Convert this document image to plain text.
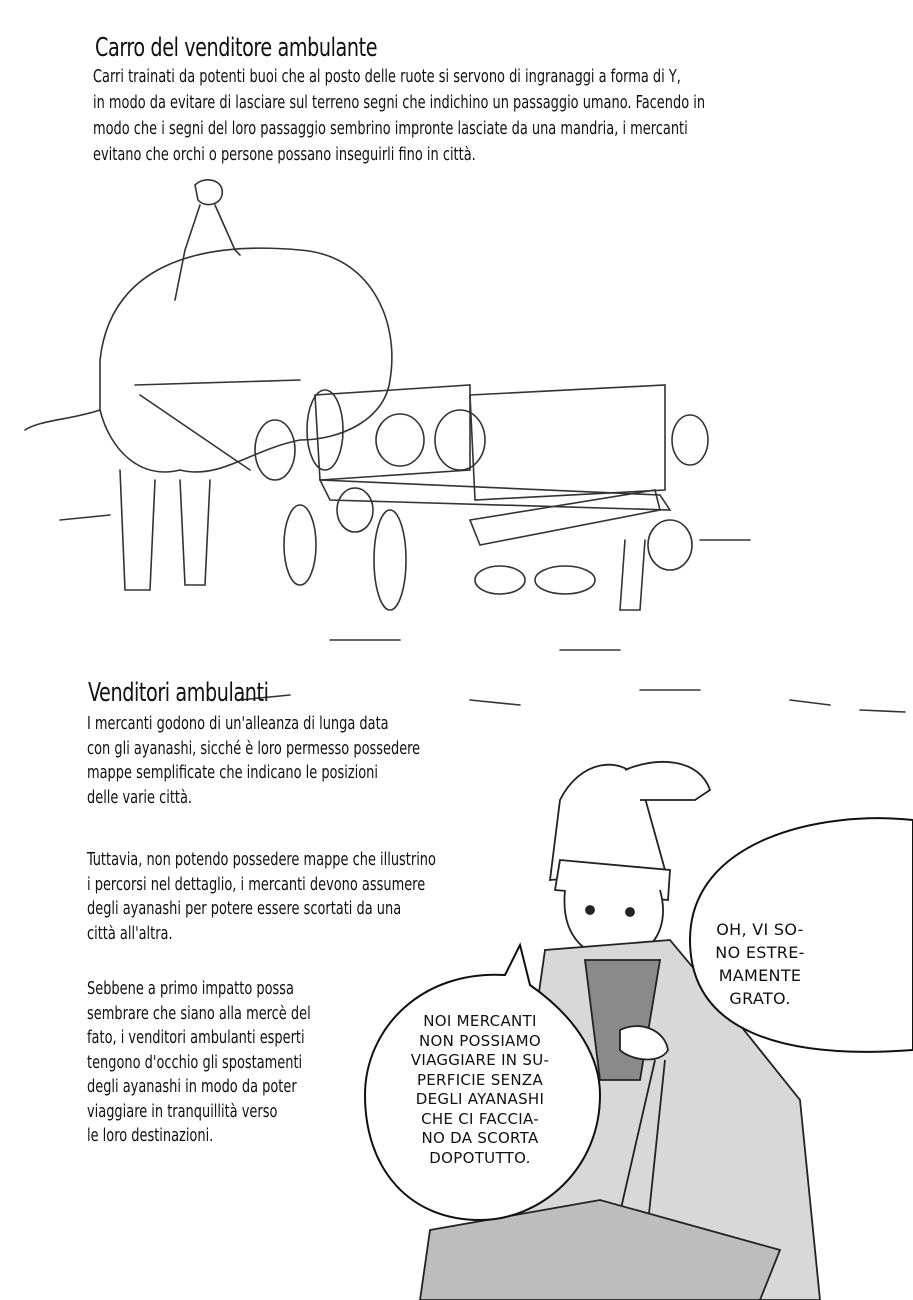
Carro del venditore ambulante
Carri trainati da potenti buoi che al posto delle ruote si servono di ingranaggi a forma di Y,
in modo da evitare di lasciare sul terreno segni che indichino un passaggio umano. Facendo in
modo che i segni del loro passaggio sembrino impronte lasciate da una mandria, i mercanti
evitano che orchi o persone possano inseguirli fino in città.
Venditori ambulanti
I mercanti godono di un'alleanza di lunga data
con gli ayanashi, sicché è loro permesso possedere
mappe semplificate che indicano le posizioni
delle varie città.
Tuttavia, non potendo possedere mappe che illustrino
i percorsi nel dettaglio, i mercanti devono assumere
degli ayanashi per potere essere scortati da una
città all'altra.
Sebbene a primo impatto possa
sembrare che siano alla mercè del
fato, i venditori ambulanti esperti
tengono d'occhio gli spostamenti
degli ayanashi in modo da poter
viaggiare in tranquillità verso
le loro destinazioni.
NOI MERCANTI
NON POSSIAMO
VIAGGIARE IN SU-
PERFICIE SENZA
DEGLI AYANASHI
CHE CI FACCIA-
NO DA SCORTA
DOPOTUTTO.
OH, VI SO-
NO ESTRE-
MAMENTE
GRATO.
